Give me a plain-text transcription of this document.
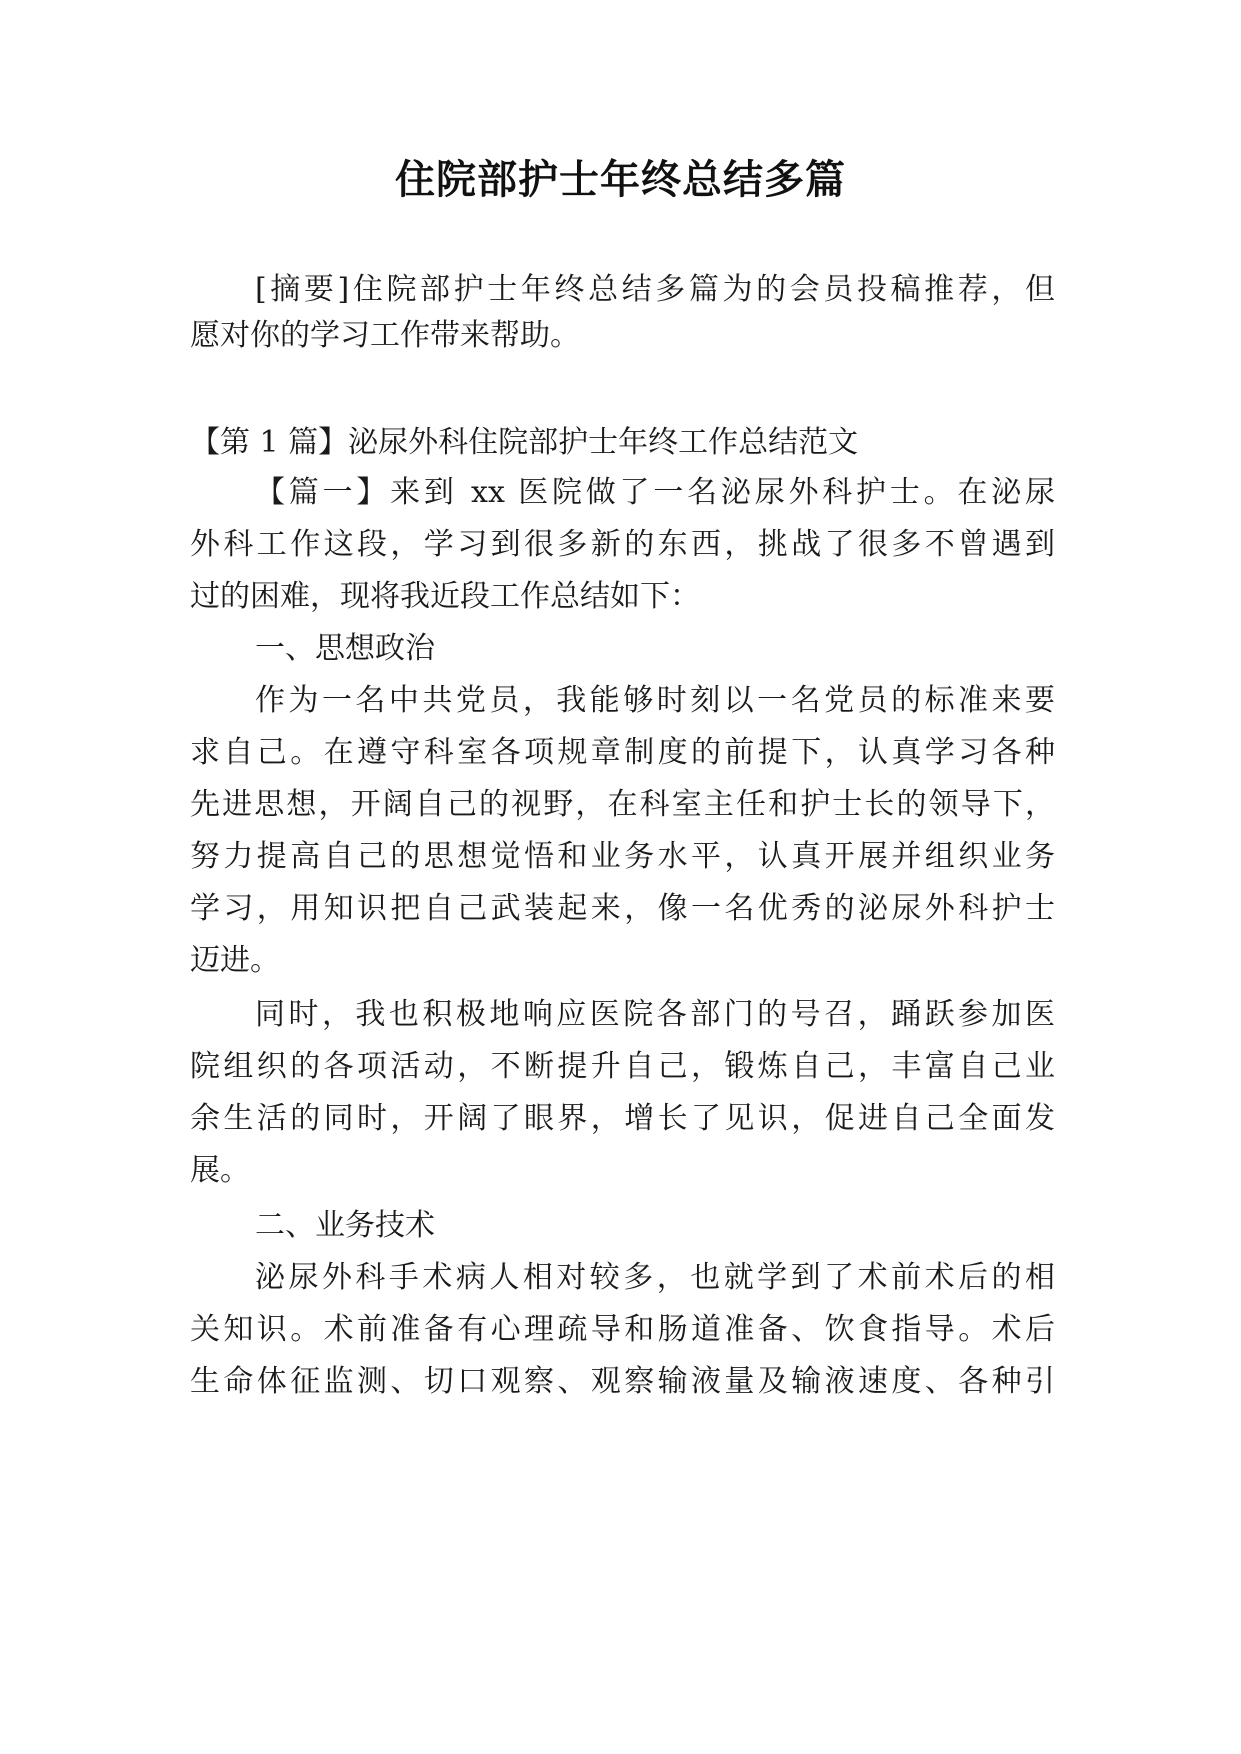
住院部护士年终总结多篇
[摘要]住院部护士年终总结多篇为的会员投稿推荐，但
愿对你的学习工作带来帮助。
【第 1 篇】泌尿外科住院部护士年终工作总结范文
【篇一】来到 xx 医院做了一名泌尿外科护士。在泌尿
外科工作这段，学习到很多新的东西，挑战了很多不曾遇到
过的困难，现将我近段工作总结如下：
一、思想政治
作为一名中共党员，我能够时刻以一名党员的标准来要
求自己。在遵守科室各项规章制度的前提下，认真学习各种
先进思想，开阔自己的视野，在科室主任和护士长的领导下，
努力提高自己的思想觉悟和业务水平，认真开展并组织业务
学习，用知识把自己武装起来，像一名优秀的泌尿外科护士
迈进。
同时，我也积极地响应医院各部门的号召，踊跃参加医
院组织的各项活动，不断提升自己，锻炼自己，丰富自己业
余生活的同时，开阔了眼界，增长了见识，促进自己全面发
展。
二、业务技术
泌尿外科手术病人相对较多，也就学到了术前术后的相
关知识。术前准备有心理疏导和肠道准备、饮食指导。术后
生命体征监测、切口观察、观察输液量及输液速度、各种引
